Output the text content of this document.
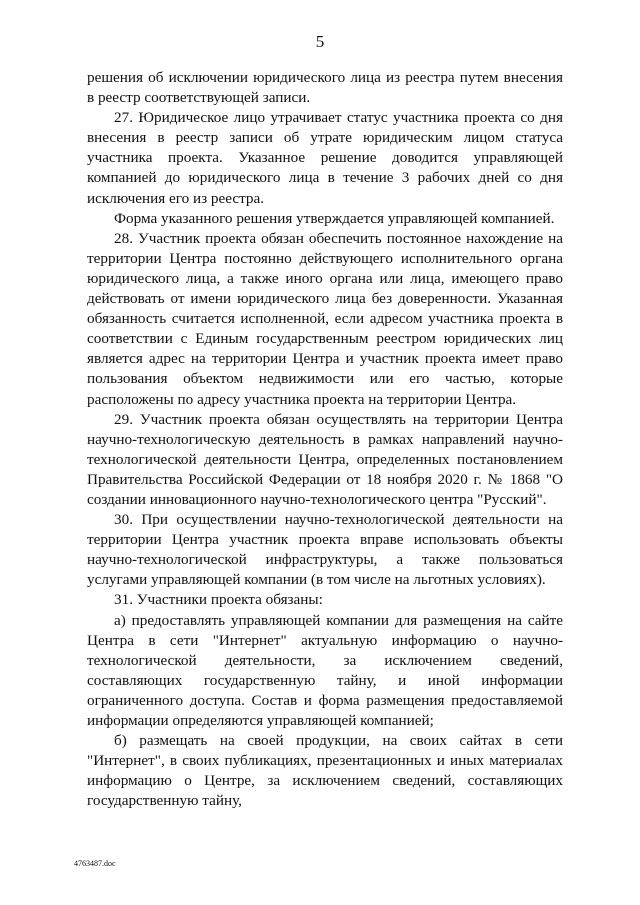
5

решения об исключении юридического лица из реестра путем внесения в реестр соответствующей записи.

27. Юридическое лицо утрачивает статус участника проекта со дня внесения в реестр записи об утрате юридическим лицом статуса участника проекта. Указанное решение доводится управляющей компанией до юридического лица в течение 3 рабочих дней со дня исключения его из реестра.

Форма указанного решения утверждается управляющей компанией.

28. Участник проекта обязан обеспечить постоянное нахождение на территории Центра постоянно действующего исполнительного органа юридического лица, а также иного органа или лица, имеющего право действовать от имени юридического лица без доверенности. Указанная обязанность считается исполненной, если адресом участника проекта в соответствии с Единым государственным реестром юридических лиц является адрес на территории Центра и участник проекта имеет право пользования объектом недвижимости или его частью, которые расположены по адресу участника проекта на территории Центра.

29. Участник проекта обязан осуществлять на территории Центра научно-технологическую деятельность в рамках направлений научно-технологической деятельности Центра, определенных постановлением Правительства Российской Федерации от 18 ноября 2020 г. № 1868 "О создании инновационного научно-технологического центра "Русский".

30. При осуществлении научно-технологической деятельности на территории Центра участник проекта вправе использовать объекты научно-технологической инфраструктуры, а также пользоваться услугами управляющей компании (в том числе на льготных условиях).

31. Участники проекта обязаны:

а) предоставлять управляющей компании для размещения на сайте Центра в сети "Интернет" актуальную информацию о научно-технологической деятельности, за исключением сведений, составляющих государственную тайну, и иной информации ограниченного доступа. Состав и форма размещения предоставляемой информации определяются управляющей компанией;

б) размещать на своей продукции, на своих сайтах в сети "Интернет", в своих публикациях, презентационных и иных материалах информацию о Центре, за исключением сведений, составляющих государственную тайну,

4763487.doc
